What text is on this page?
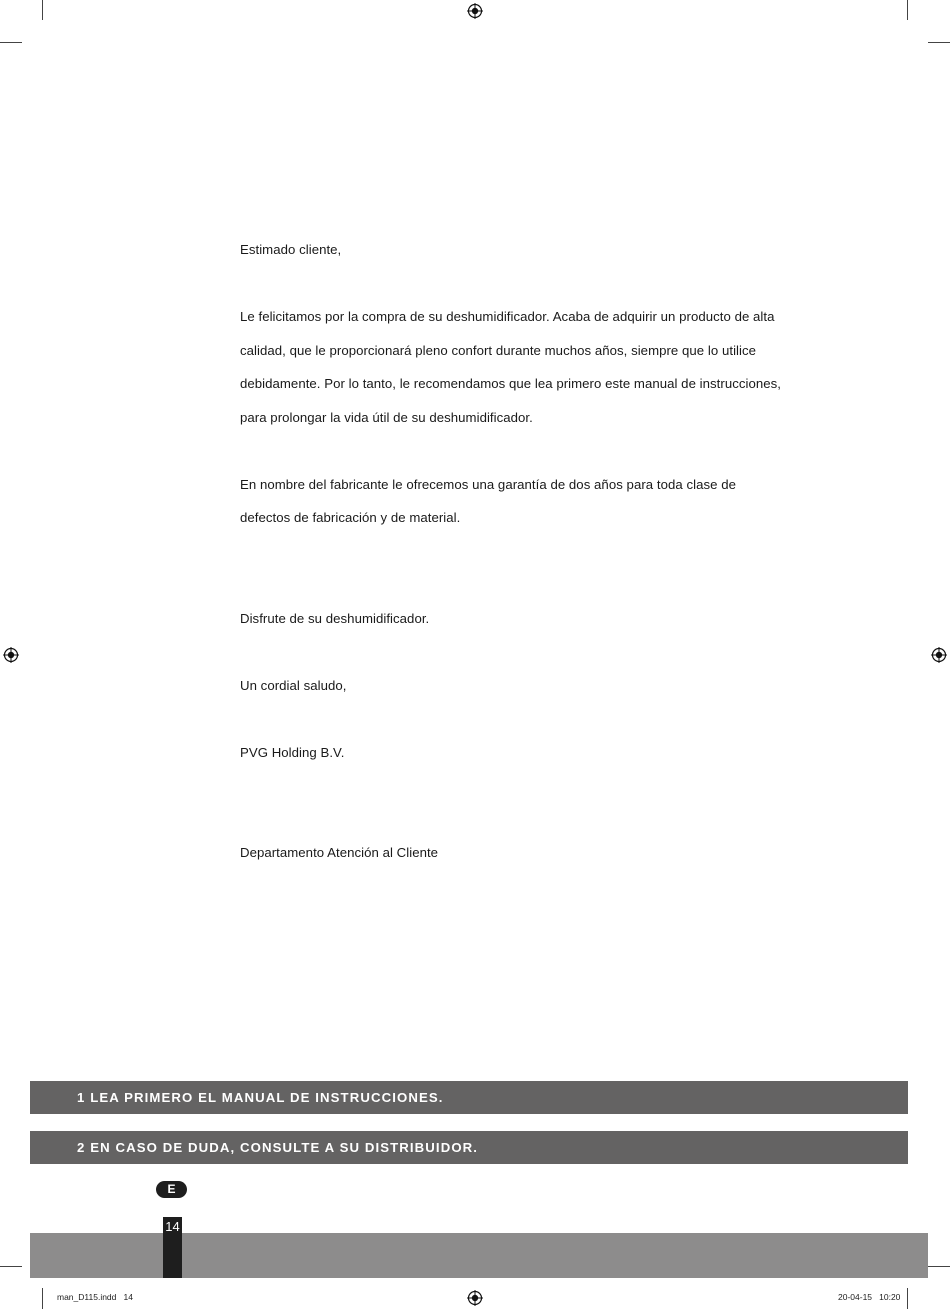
Estimado cliente,

Le felicitamos por la compra de su deshumidificador. Acaba de adquirir un producto de alta

calidad, que le proporcionará pleno confort durante muchos años, siempre que lo utilice

debidamente. Por lo tanto, le recomendamos que lea primero este manual de instrucciones,

para prolongar la vida útil de su deshumidificador.

En nombre del fabricante le ofrecemos una garantía de dos años para toda clase de

defectos de fabricación y de material.

Disfrute de su deshumidificador.

Un cordial saludo,

PVG Holding B.V.

Departamento Atención al Cliente

1 LEA PRIMERO EL MANUAL DE INSTRUCCIONES.
2 EN CASO DE DUDA, CONSULTE A SU DISTRIBUIDOR.
E
14
man_D115.indd   14	20-04-15 10:20
